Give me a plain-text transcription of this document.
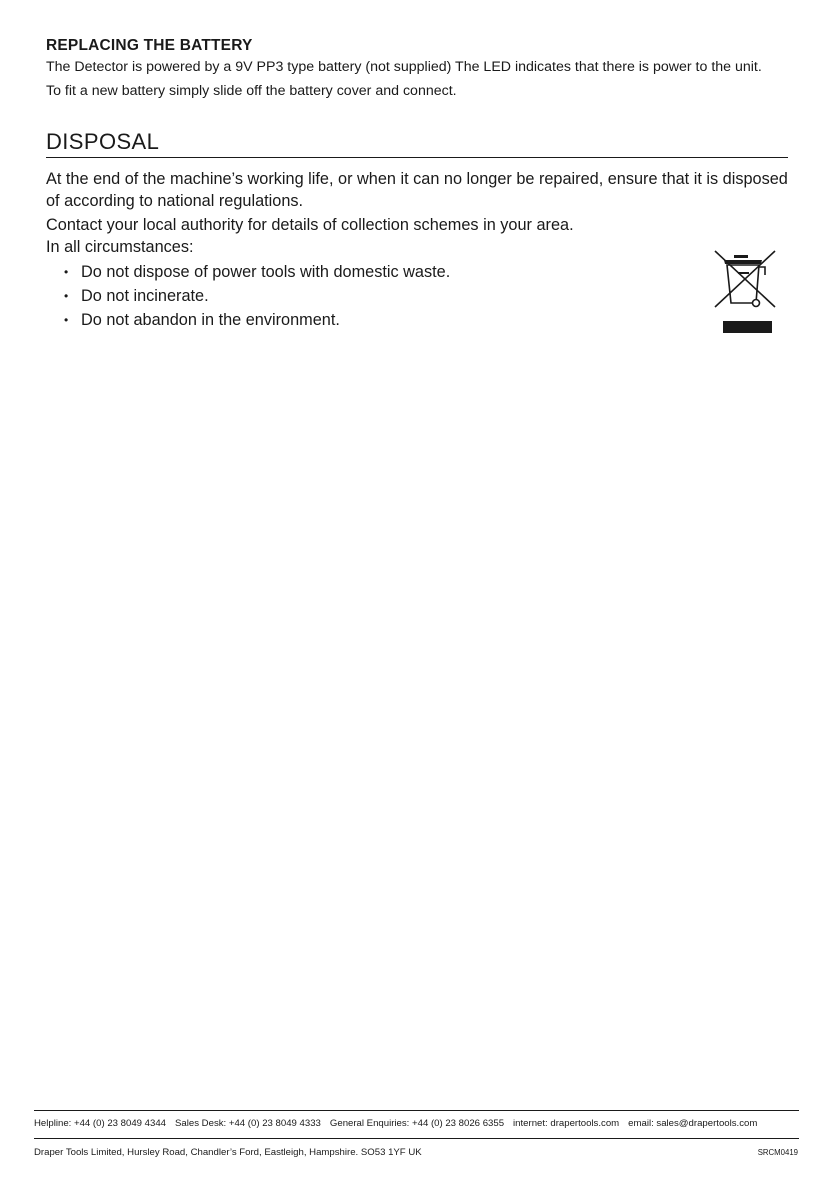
REPLACING THE BATTERY

The Detector is powered by a 9V PP3 type battery (not supplied) The LED indicates that there is power to the unit.

To fit a new battery simply slide off the battery cover and connect.

DISPOSAL

At the end of the machine’s working life, or when it can no longer be repaired, ensure that it is disposed of according to national regulations.

Contact your local authority for details of collection schemes in your area.

In all circumstances:

• Do not dispose of power tools with domestic waste.
• Do not incinerate.
• Do not abandon in the environment.
Helpline: +44 (0) 23 8049 4344 Sales Desk: +44 (0) 23 8049 4333 General Enquiries: +44 (0) 23 8026 6355 internet: drapertools.com email: sales@drapertools.com
Draper Tools Limited, Hursley Road, Chandler’s Ford, Eastleigh, Hampshire. SO53 1YF UK	SRCM0419
